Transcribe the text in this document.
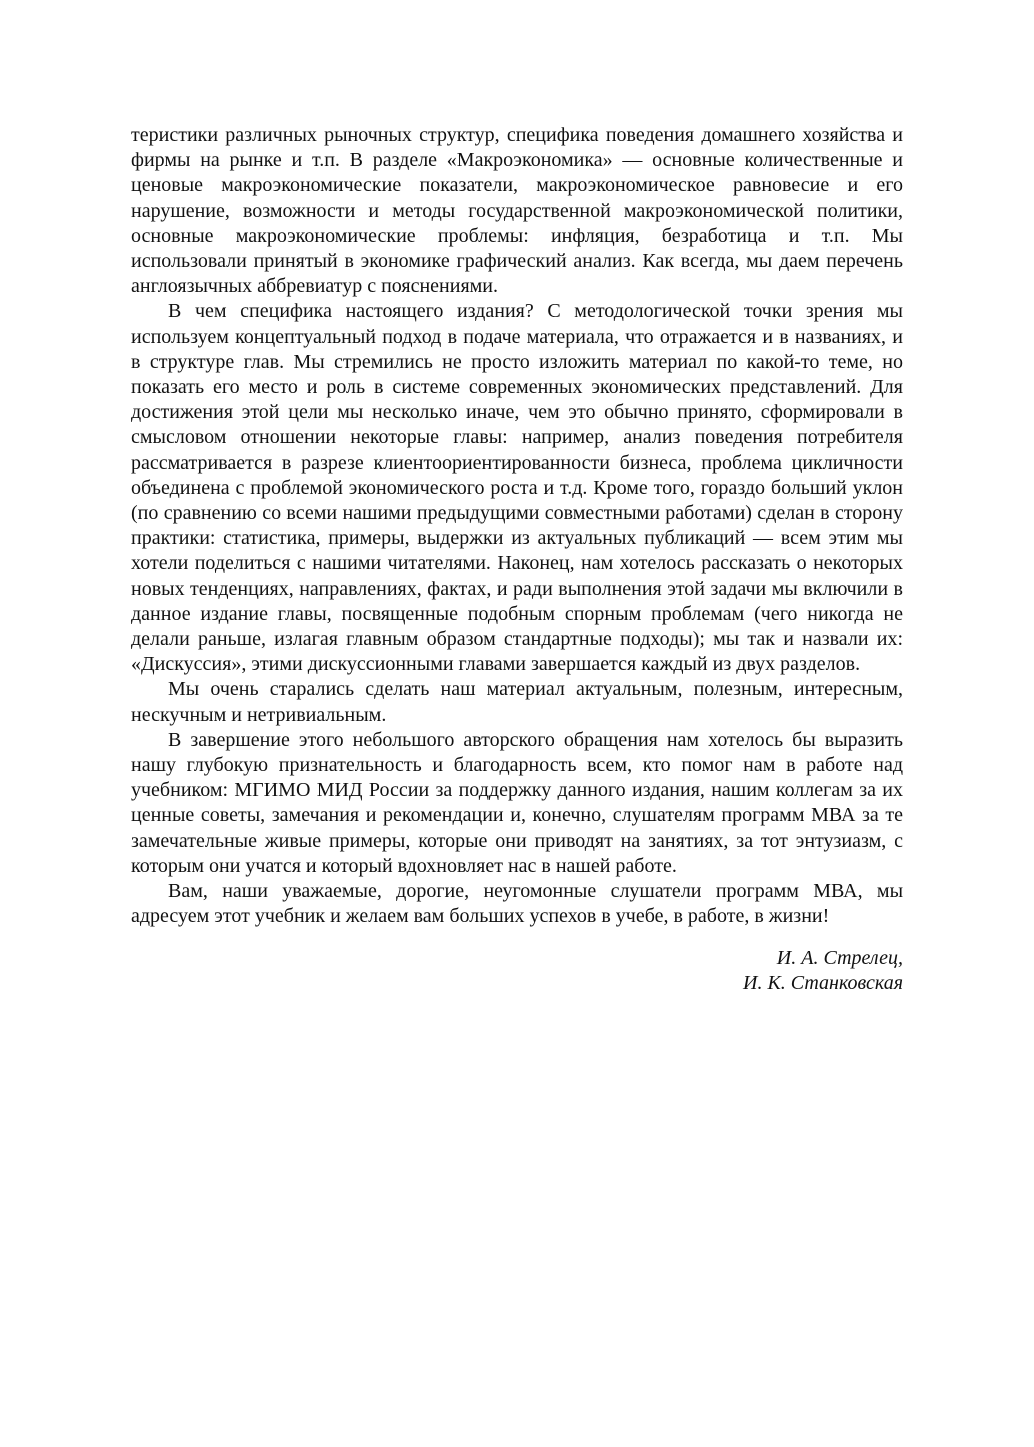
теристики различных рыночных структур, специфика поведения домашнего хозяйства и фирмы на рынке и т.п. В разделе «Макроэкономика» — основные количественные и ценовые макроэкономические показатели, макроэкономическое равновесие и его нарушение, возможности и методы государственной макроэкономической политики, основные макроэкономические проблемы: инфляция, безработица и т.п. Мы использовали принятый в экономике графический анализ. Как всегда, мы даем перечень англоязычных аббревиатур с пояснениями.

В чем специфика настоящего издания? С методологической точки зрения мы используем концептуальный подход в подаче материала, что отражается и в названиях, и в структуре глав. Мы стремились не просто изложить материал по какой-то теме, но показать его место и роль в системе современных экономических представлений. Для достижения этой цели мы несколько иначе, чем это обычно принято, сформировали в смысловом отношении некоторые главы: например, анализ поведения потребителя рассматривается в разрезе клиентоориентированности бизнеса, проблема цикличности объединена с проблемой экономического роста и т.д. Кроме того, гораздо больший уклон (по сравнению со всеми нашими предыдущими совместными работами) сделан в сторону практики: статистика, примеры, выдержки из актуальных публикаций — всем этим мы хотели поделиться с нашими читателями. Наконец, нам хотелось рассказать о некоторых новых тенденциях, направлениях, фактах, и ради выполнения этой задачи мы включили в данное издание главы, посвященные подобным спорным проблемам (чего никогда не делали раньше, излагая главным образом стандартные подходы); мы так и назвали их: «Дискуссия», этими дискуссионными главами завершается каждый из двух разделов.

Мы очень старались сделать наш материал актуальным, полезным, интересным, нескучным и нетривиальным.

В завершение этого небольшого авторского обращения нам хотелось бы выразить нашу глубокую признательность и благодарность всем, кто помог нам в работе над учебником: МГИМО МИД России за поддержку данного издания, нашим коллегам за их ценные советы, замечания и рекомендации и, конечно, слушателям программ МВА за те замечательные живые примеры, которые они приводят на занятиях, за тот энтузиазм, с которым они учатся и который вдохновляет нас в нашей работе.

Вам, наши уважаемые, дорогие, неугомонные слушатели программ МВА, мы адресуем этот учебник и желаем вам больших успехов в учебе, в работе, в жизни!

И. А. Стрелец,
И. К. Станковская
